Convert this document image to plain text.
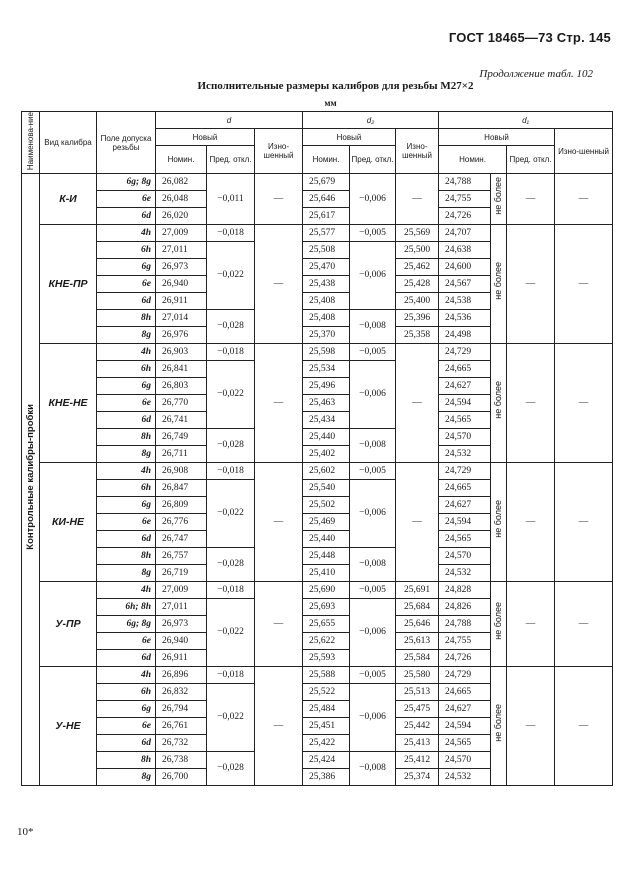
ГОСТ 18465—73 Стр. 145
Продолжение табл. 102
Исполнительные размеры калибров для резьбы М27×2
мм
Наименова-ние	Вид калибра	Поле допуска резьбы	d			d₂			d₁			
			Новый		Изно-шенный	Новый		Изно-шенный	Новый			Изно-шенный
			Номин.	Пред. откл.		Номин.	Пред. откл.		Номин.		Пред. откл.	
Контрольные калибры-пробки	К-И	6g; 8g	26,082	−0,011	—	25,679	−0,006	—	24,788	не более	—	—
		6e	26,048			25,646			24,755			
		6d	26,020			25,617			24,726			
	КНЕ-ПР	4h	27,009	−0,018	—	25,577	−0,005	25,569	24,707	не более	—	—
		6h	27,011	−0,022		25,508	−0,006	25,500	24,638			
		6g	26,973			25,470		25,462	24,600			
		6e	26,940			25,438		25,428	24,567			
		6d	26,911			25,408		25,400	24,538			
		8h	27,014	−0,028		25,408	−0,008	25,396	24,536			
		8g	26,976			25,370		25,358	24,498			
	КНЕ-НЕ	4h	26,903	−0,018	—	25,598	−0,005	—	24,729	не более	—	—
		6h	26,841	−0,022		25,534	−0,006		24,665			
		6g	26,803			25,496			24,627			
		6e	26,770			25,463			24,594			
		6d	26,741			25,434			24,565			
		8h	26,749	−0,028		25,440	−0,008		24,570			
		8g	26,711			25,402			24,532			
	КИ-НЕ	4h	26,908	−0,018	—	25,602	−0,005	—	24,729	не более	—	—
		6h	26,847	−0,022		25,540	−0,006		24,665			
		6g	26,809			25,502			24,627			
		6e	26,776			25,469			24,594			
		6d	26,747			25,440			24,565			
		8h	26,757	−0,028		25,448	−0,008		24,570			
		8g	26,719			25,410			24,532			
	У-ПР	4h	27,009	−0,018	—	25,690	−0,005	25,691	24,828	не более	—	—
		6h; 8h	27,011	−0,022		25,693	−0,006	25,684	24,826			
		6g; 8g	26,973			25,655		25,646	24,788			
		6e	26,940			25,622		25,613	24,755			
		6d	26,911			25,593		25,584	24,726			
	У-НЕ	4h	26,896	−0,018	—	25,588	−0,005	25,580	24,729	не более	—	—
		6h	26,832	−0,022		25,522	−0,006	25,513	24,665			
		6g	26,794			25,484		25,475	24,627			
		6e	26,761			25,451		25,442	24,594			
		6d	26,732			25,422		25,413	24,565			
		8h	26,738	−0,028		25,424	−0,008	25,412	24,570			
		8g	26,700			25,386		25,374	24,532			
10*
